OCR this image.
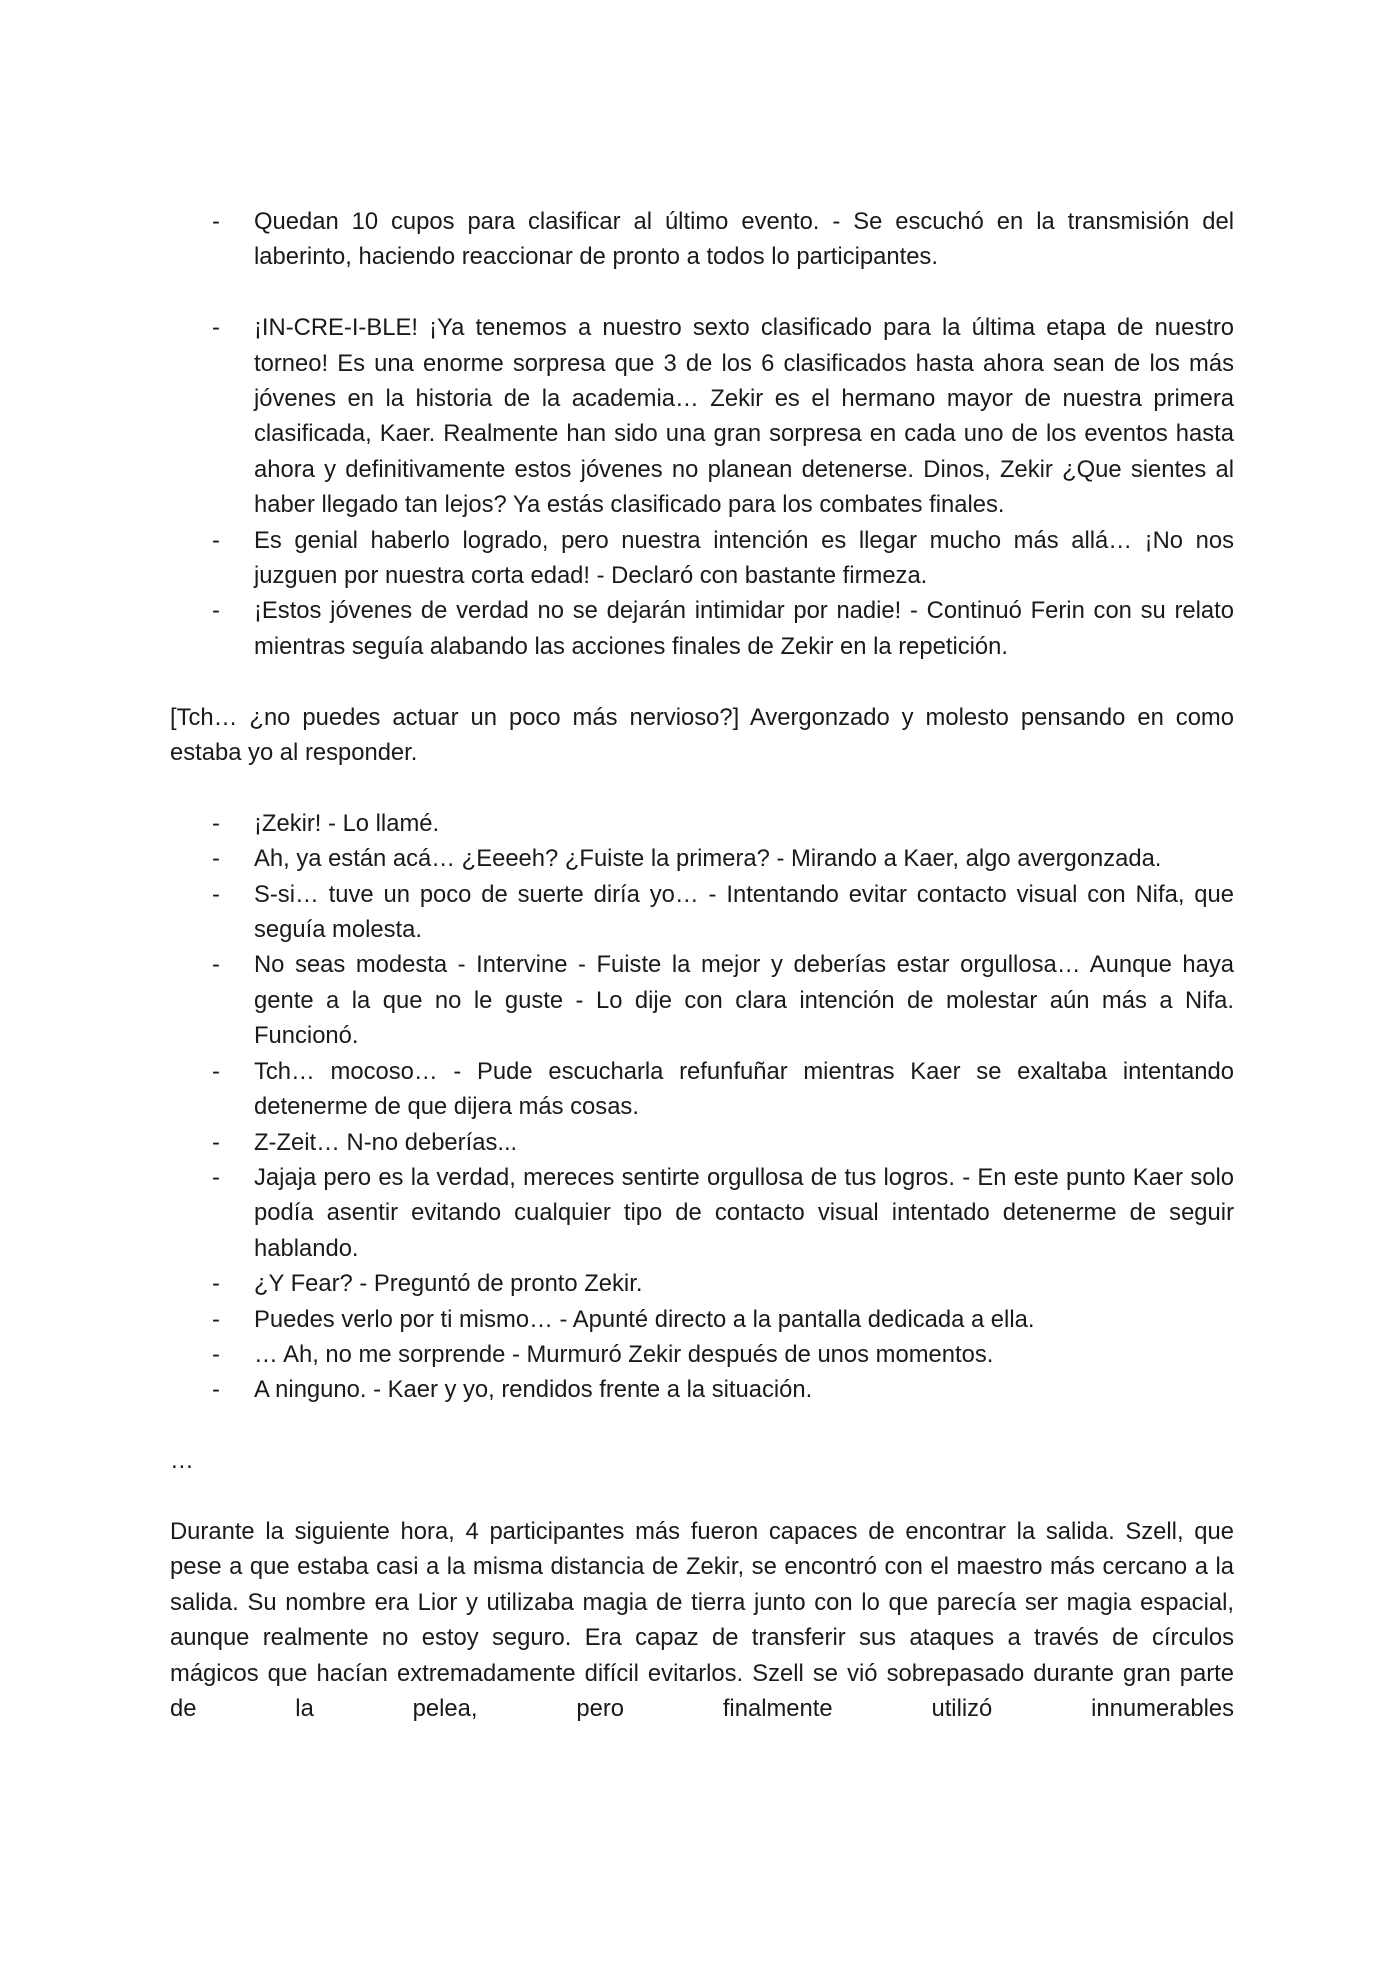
- Quedan 10 cupos para clasificar al último evento. - Se escuchó en la transmisión del laberinto, haciendo reaccionar de pronto a todos lo participantes.
- ¡IN-CRE-I-BLE! ¡Ya tenemos a nuestro sexto clasificado para la última etapa de nuestro torneo! Es una enorme sorpresa que 3 de los 6 clasificados hasta ahora sean de los más jóvenes en la historia de la academia… Zekir es el hermano mayor de nuestra primera clasificada, Kaer. Realmente han sido una gran sorpresa en cada uno de los eventos hasta ahora y definitivamente estos jóvenes no planean detenerse. Dinos, Zekir ¿Que sientes al haber llegado tan lejos? Ya estás clasificado para los combates finales.
- Es genial haberlo logrado, pero nuestra intención es llegar mucho más allá… ¡No nos juzguen por nuestra corta edad! - Declaró con bastante firmeza.
- ¡Estos jóvenes de verdad no se dejarán intimidar por nadie! - Continuó Ferin con su relato mientras seguía alabando las acciones finales de Zekir en la repetición.

[Tch… ¿no puedes actuar un poco más nervioso?] Avergonzado y molesto pensando en como estaba yo al responder.

- ¡Zekir! - Lo llamé.
- Ah, ya están acá… ¿Eeeeh? ¿Fuiste la primera? - Mirando a Kaer, algo avergonzada.
- S-si… tuve un poco de suerte diría yo… - Intentando evitar contacto visual con Nifa, que seguía molesta.
- No seas modesta - Intervine - Fuiste la mejor y deberías estar orgullosa… Aunque haya gente a la que no le guste - Lo dije con clara intención de molestar aún más a Nifa. Funcionó.
- Tch… mocoso… - Pude escucharla refunfuñar mientras Kaer se exaltaba intentando detenerme de que dijera más cosas.
- Z-Zeit… N-no deberías...
- Jajaja pero es la verdad, mereces sentirte orgullosa de tus logros. - En este punto Kaer solo podía asentir evitando cualquier tipo de contacto visual intentado detenerme de seguir hablando.
- ¿Y Fear? - Preguntó de pronto Zekir.
- Puedes verlo por ti mismo… - Apunté directo a la pantalla dedicada a ella.
- … Ah, no me sorprende - Murmuró Zekir después de unos momentos.
- A ninguno. - Kaer y yo, rendidos frente a la situación.

…

Durante la siguiente hora, 4 participantes más fueron capaces de encontrar la salida. Szell, que pese a que estaba casi a la misma distancia de Zekir, se encontró con el maestro más cercano a la salida. Su nombre era Lior y utilizaba magia de tierra junto con lo que parecía ser magia espacial, aunque realmente no estoy seguro. Era capaz de transferir sus ataques a través de círculos mágicos que hacían extremadamente difícil evitarlos. Szell se vió sobrepasado durante gran parte de la pelea, pero finalmente utilizó innumerables
